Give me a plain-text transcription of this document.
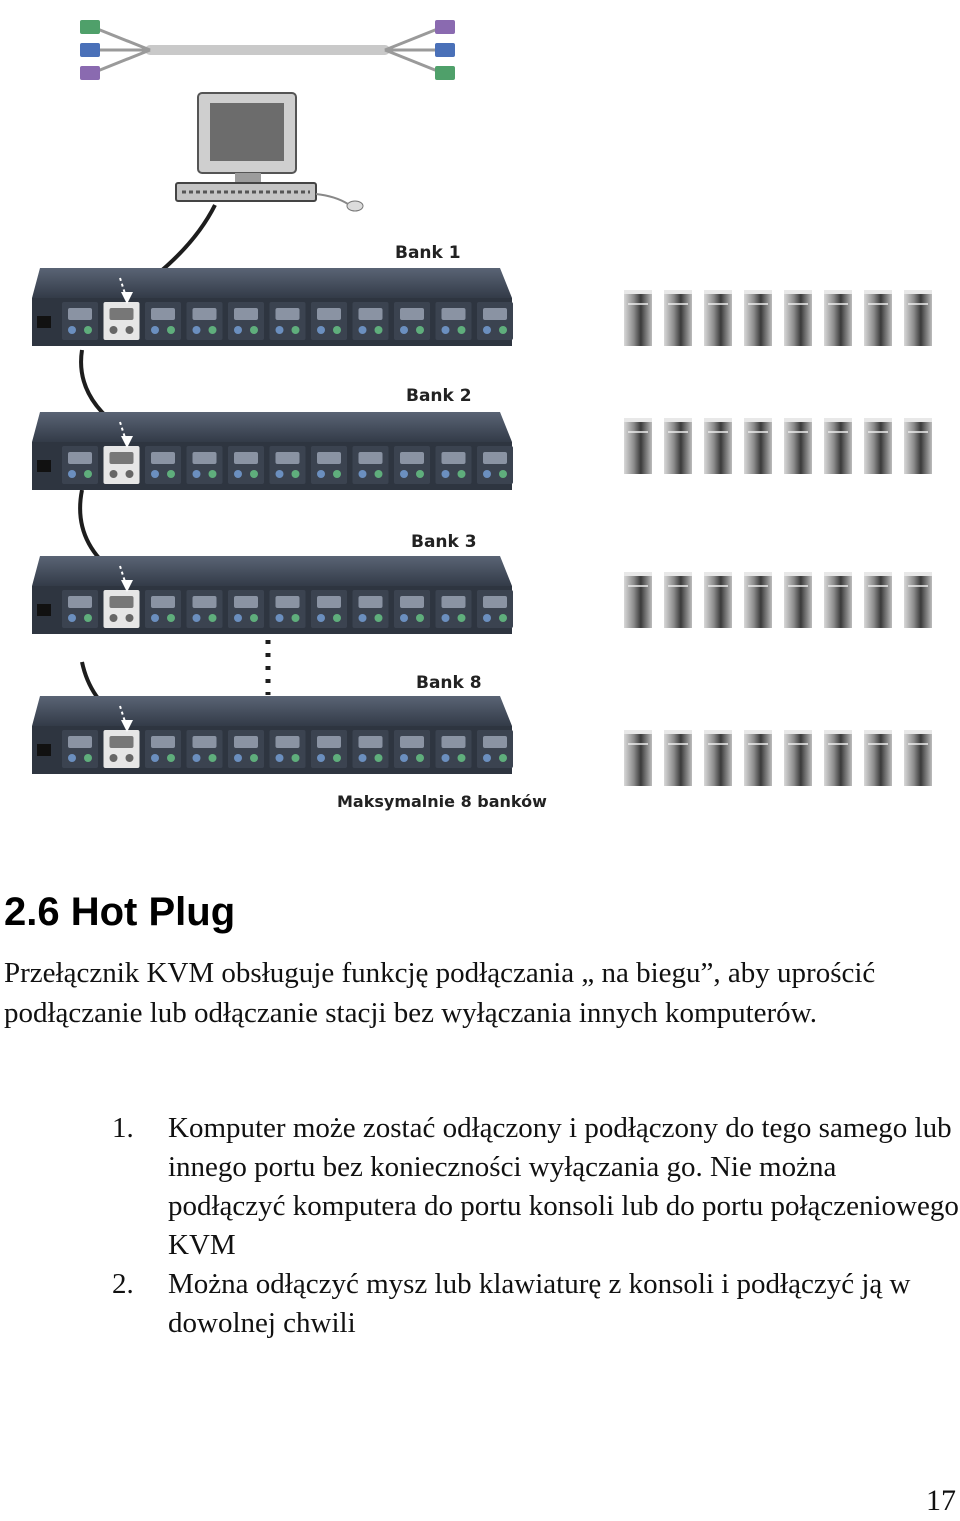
Bank 1
Bank 2
Bank 3
Bank 8
Maksymalnie 8 banków
2.6 Hot Plug

Przełącznik KVM obsługuje funkcję podłączania „ na biegu”, aby uprościć podłączanie lub odłączanie stacji bez wyłączania innych komputerów.

1. Komputer może zostać odłączony i podłączony do tego samego lub innego portu bez konieczności wyłączania go. Nie można podłączyć komputera do portu konsoli lub do portu połączeniowego KVM
2. Można odłączyć mysz lub klawiaturę z konsoli i podłączyć ją w dowolnej chwili
17
